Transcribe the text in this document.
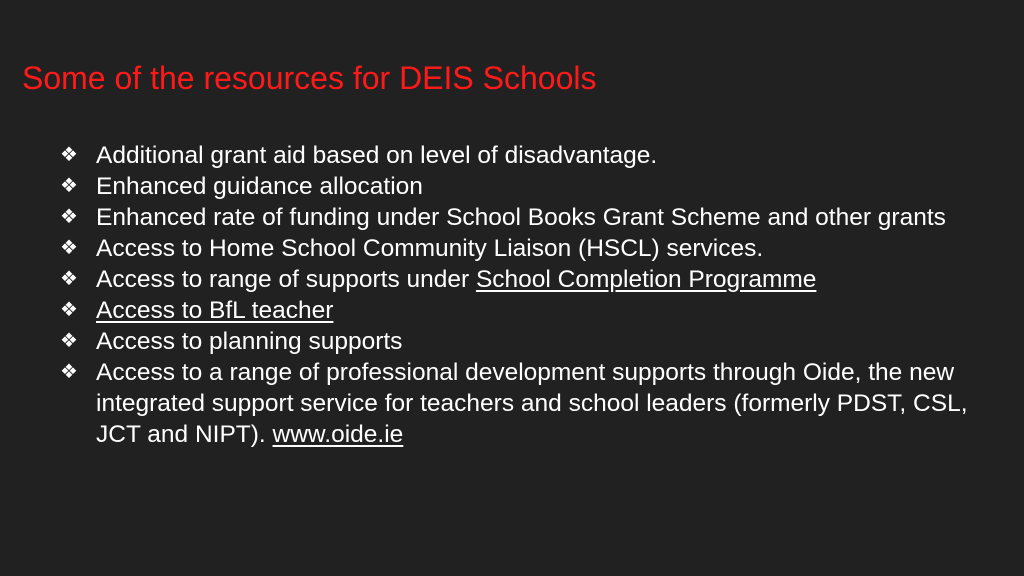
Some of the resources for DEIS Schools
❖ Additional grant aid based on level of disadvantage.
❖ Enhanced guidance allocation
❖ Enhanced rate of funding under School Books Grant Scheme and other grants
❖ Access to Home School Community Liaison (HSCL) services.
❖ Access to range of supports under School Completion Programme
❖ Access to BfL teacher
❖ Access to planning supports
❖ Access to a range of professional development supports through Oide, the new integrated support service for teachers and school leaders (formerly PDST, CSL, JCT and NIPT). www.oide.ie
